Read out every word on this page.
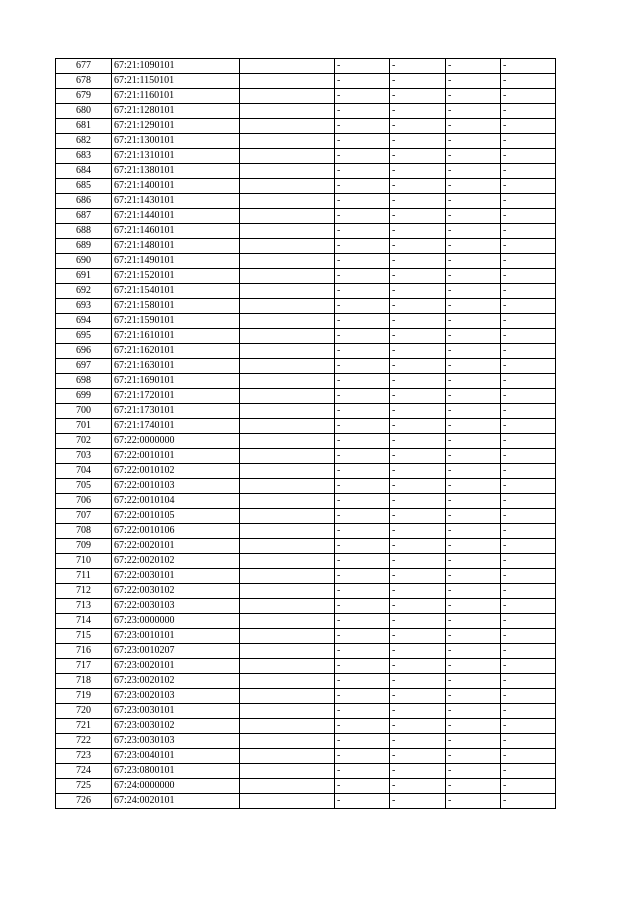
677	67:21:1090101		-	-	-	-
678	67:21:1150101		-	-	-	-
679	67:21:1160101		-	-	-	-
680	67:21:1280101		-	-	-	-
681	67:21:1290101		-	-	-	-
682	67:21:1300101		-	-	-	-
683	67:21:1310101		-	-	-	-
684	67:21:1380101		-	-	-	-
685	67:21:1400101		-	-	-	-
686	67:21:1430101		-	-	-	-
687	67:21:1440101		-	-	-	-
688	67:21:1460101		-	-	-	-
689	67:21:1480101		-	-	-	-
690	67:21:1490101		-	-	-	-
691	67:21:1520101		-	-	-	-
692	67:21:1540101		-	-	-	-
693	67:21:1580101		-	-	-	-
694	67:21:1590101		-	-	-	-
695	67:21:1610101		-	-	-	-
696	67:21:1620101		-	-	-	-
697	67:21:1630101		-	-	-	-
698	67:21:1690101		-	-	-	-
699	67:21:1720101		-	-	-	-
700	67:21:1730101		-	-	-	-
701	67:21:1740101		-	-	-	-
702	67:22:0000000		-	-	-	-
703	67:22:0010101		-	-	-	-
704	67:22:0010102		-	-	-	-
705	67:22:0010103		-	-	-	-
706	67:22:0010104		-	-	-	-
707	67:22:0010105		-	-	-	-
708	67:22:0010106		-	-	-	-
709	67:22:0020101		-	-	-	-
710	67:22:0020102		-	-	-	-
711	67:22:0030101		-	-	-	-
712	67:22:0030102		-	-	-	-
713	67:22:0030103		-	-	-	-
714	67:23:0000000		-	-	-	-
715	67:23:0010101		-	-	-	-
716	67:23:0010207		-	-	-	-
717	67:23:0020101		-	-	-	-
718	67:23:0020102		-	-	-	-
719	67:23:0020103		-	-	-	-
720	67:23:0030101		-	-	-	-
721	67:23:0030102		-	-	-	-
722	67:23:0030103		-	-	-	-
723	67:23:0040101		-	-	-	-
724	67:23:0800101		-	-	-	-
725	67:24:0000000		-	-	-	-
726	67:24:0020101		-	-	-	-
